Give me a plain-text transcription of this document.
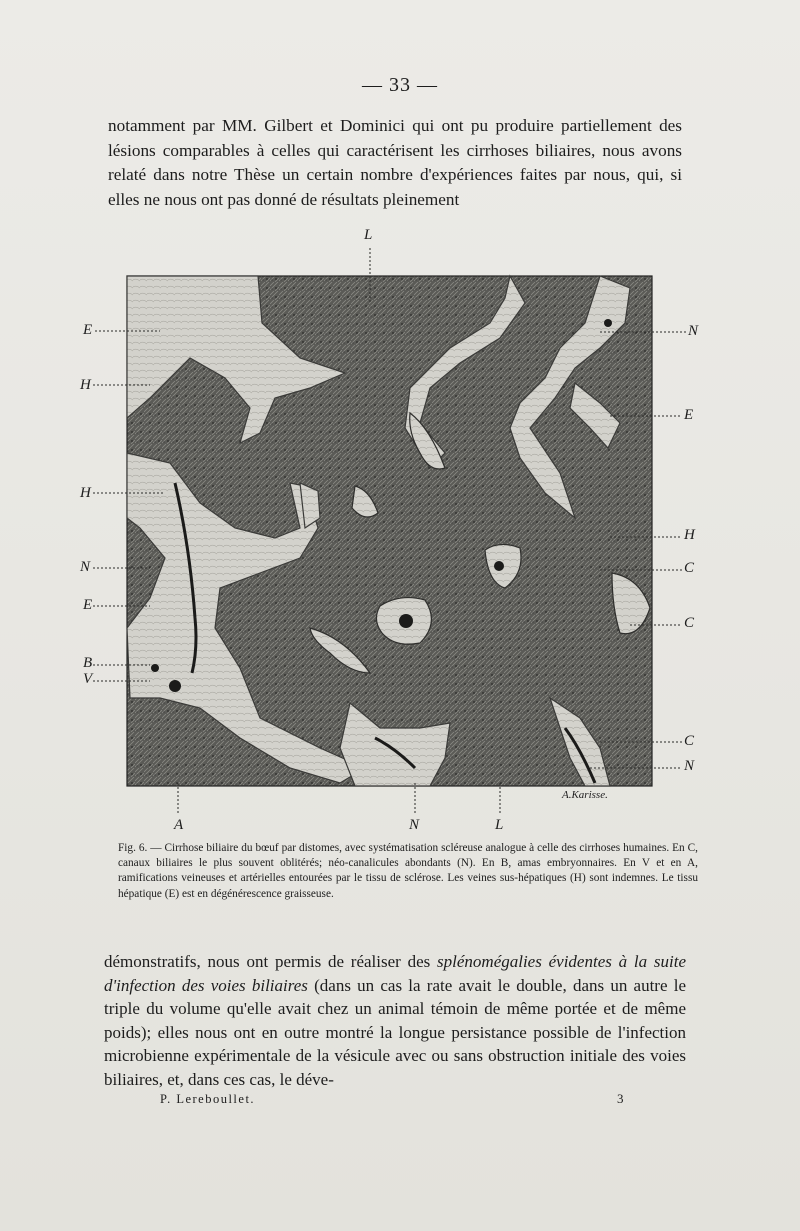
— 33 —

notamment par MM. Gilbert et Dominici qui ont pu produire partiellement des lésions comparables à celles qui caractérisent les cirrhoses biliaires, nous avons relaté dans notre Thèse un certain nombre d'expériences faites par nous, qui, si elles ne nous ont pas donné de résultats pleinement

L
E
H
H
N
E
B
V
N
E
H
C
C
C
N
A	N	L
A.Karisse.

Fig. 6. — Cirrhose biliaire du bœuf par distomes, avec systématisation scléreuse analogue à celle des cirrhoses humaines. En C, canaux biliaires le plus souvent oblitérés; néo-canalicules abondants (N). En B, amas embryonnaires. En V et en A, ramifications veineuses et artérielles entourées par le tissu de sclérose. Les veines sus-hépatiques (H) sont indemnes. Le tissu hépatique (E) est en dégénérescence graisseuse.

démonstratifs, nous ont permis de réaliser des splénomégalies évidentes à la suite d'infection des voies biliaires (dans un cas la rate avait le double, dans un autre le triple du volume qu'elle avait chez un animal témoin de même portée et de même poids); elles nous ont en outre montré la longue persistance possible de l'infection microbienne expérimentale de la vésicule avec ou sans obstruction initiale des voies biliaires, et, dans ces cas, le déve-

P. Lereboullet.	3
